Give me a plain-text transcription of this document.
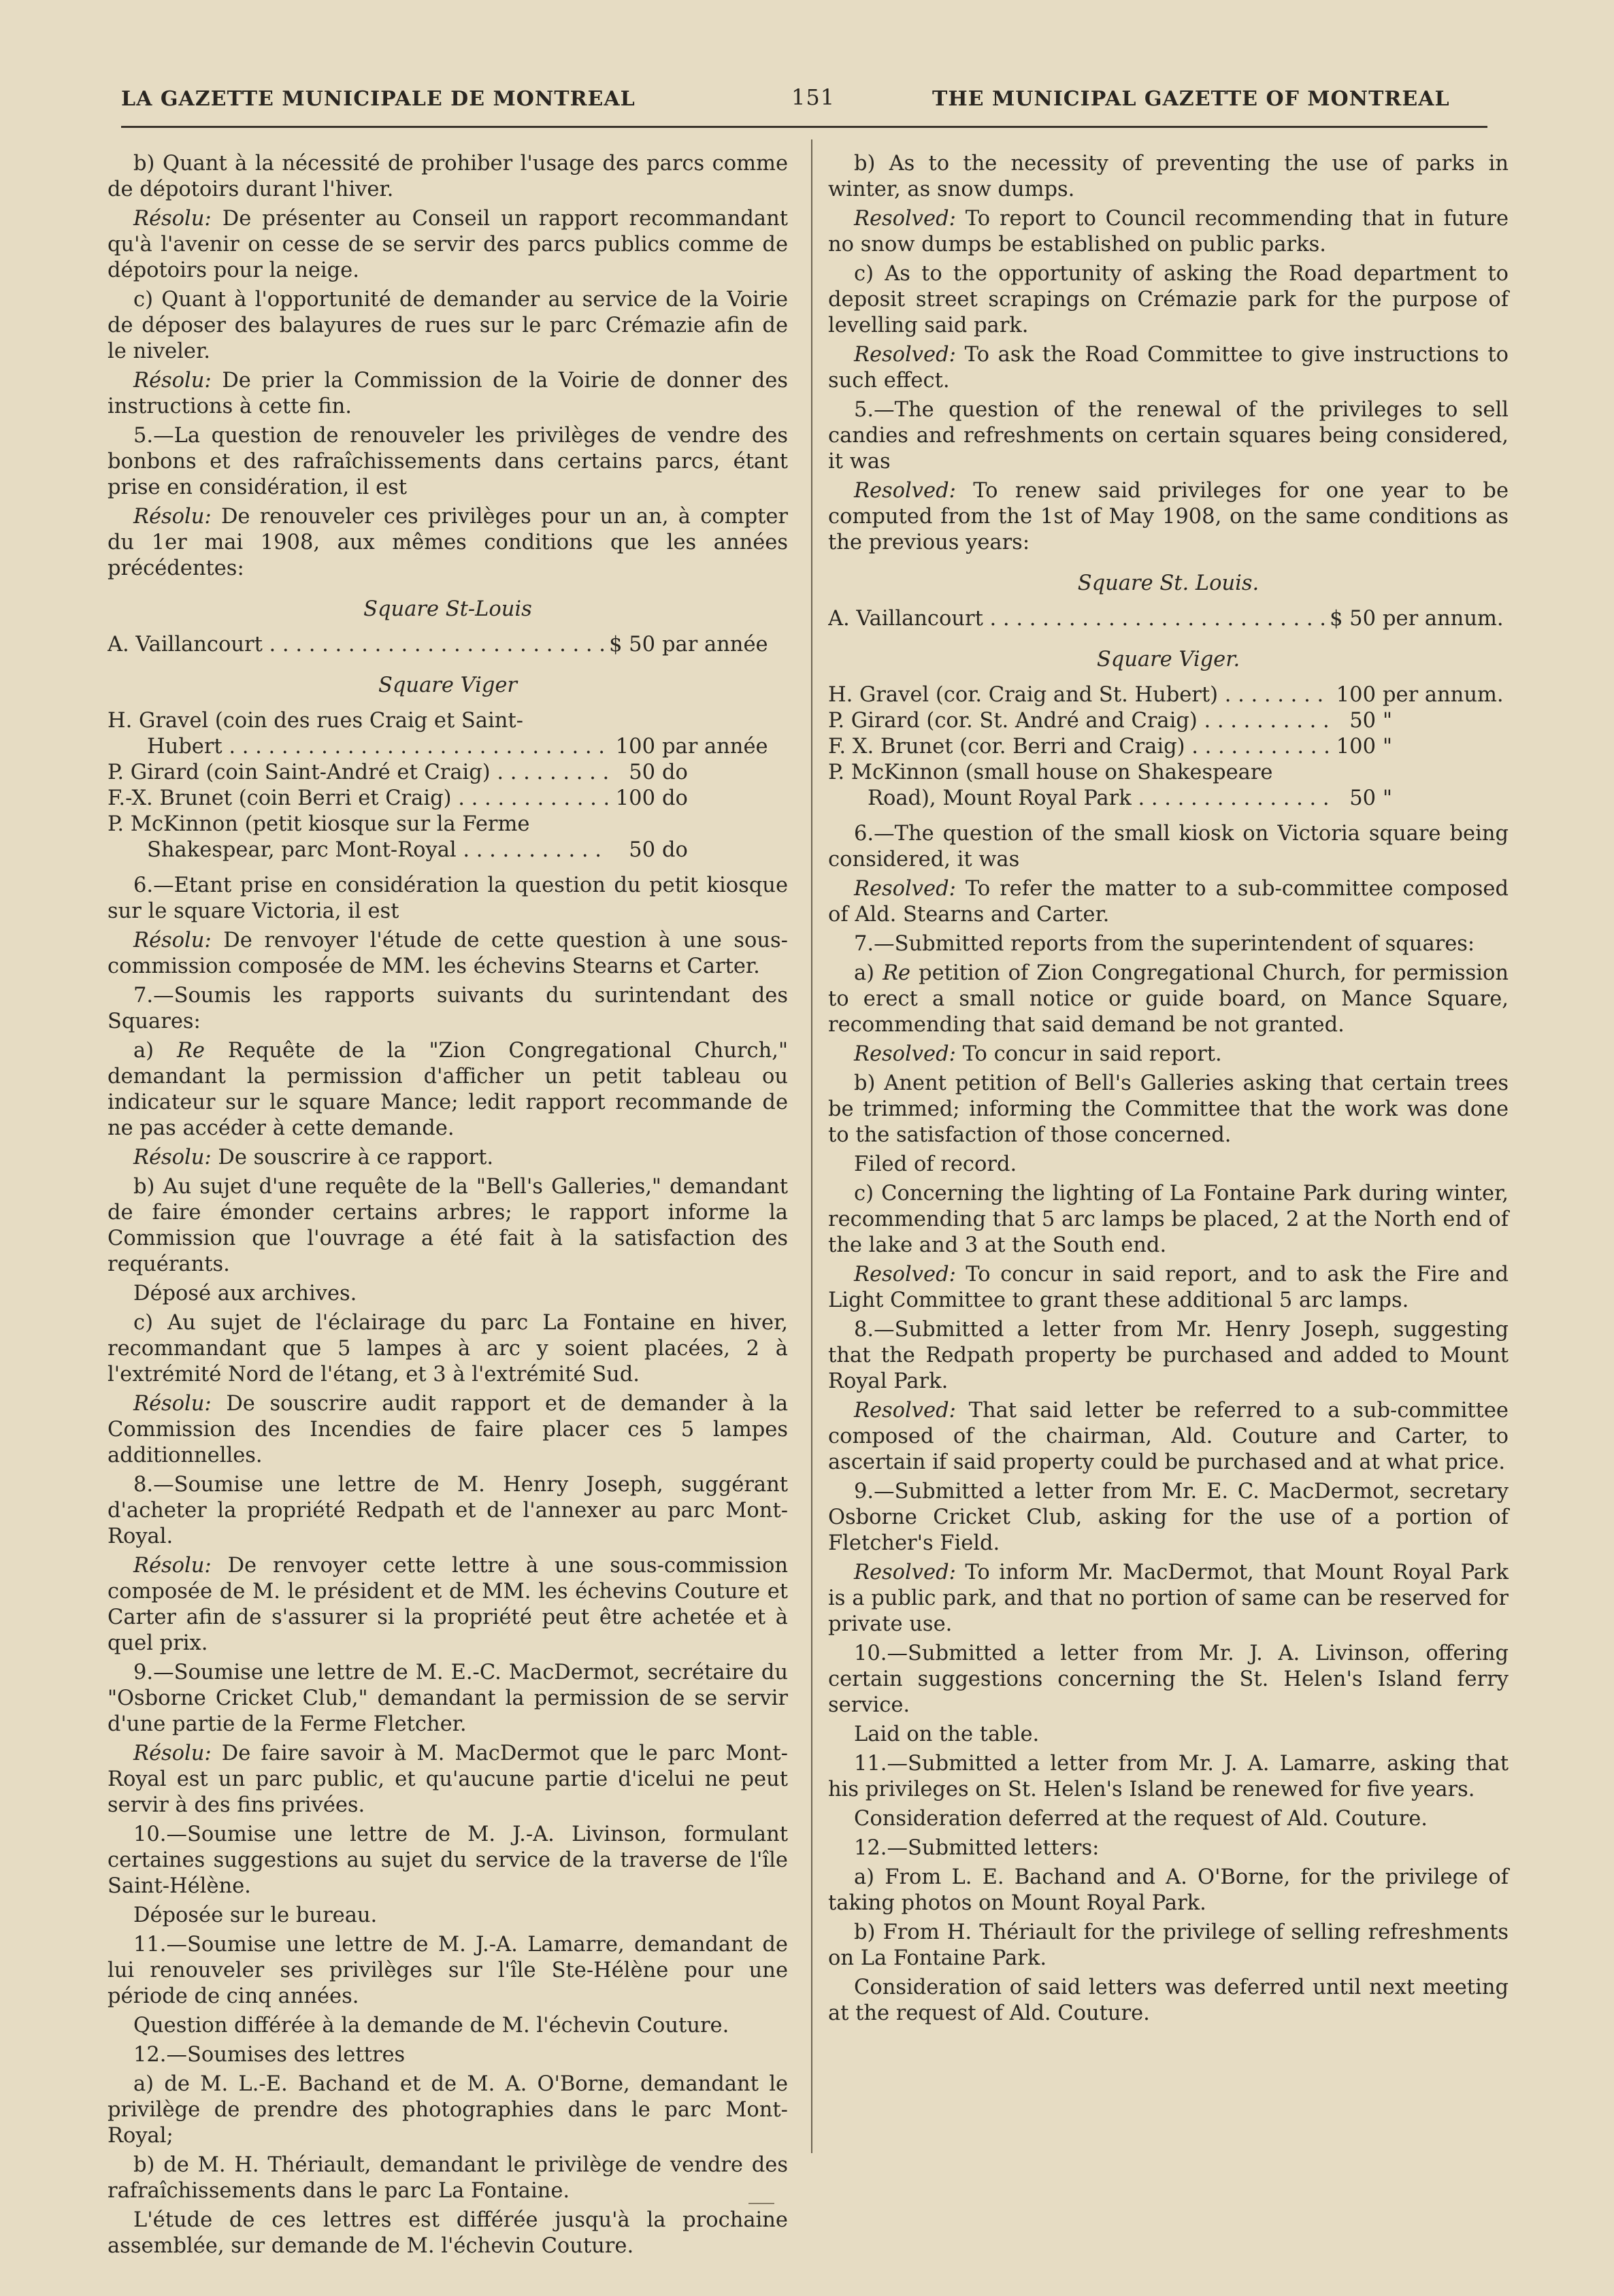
LA GAZETTE MUNICIPALE DE MONTREAL	151	THE MUNICIPAL GAZETTE OF MONTREAL

b) Quant à la nécessité de prohiber l'usage des parcs comme de dépotoirs durant l'hiver.

Résolu: De présenter au Conseil un rapport recommandant qu'à l'avenir on cesse de se servir des parcs publics comme de dépotoirs pour la neige.

c) Quant à l'opportunité de demander au service de la Voirie de déposer des balayures de rues sur le parc Crémazie afin de le niveler.

Résolu: De prier la Commission de la Voirie de donner des instructions à cette fin.

5.—La question de renouveler les privilèges de vendre des bonbons et des rafraîchissements dans certains parcs, étant prise en considération, il est

Résolu: De renouveler ces privilèges pour un an, à compter du 1er mai 1908, aux mêmes conditions que les années précédentes:

Square St-Louis
A. Vaillancourt . . .	$ 50 par année
Square Viger
H. Gravel (coin des rues Craig et Saint-
Hubert . . .	100 par année
P. Girard (coin Saint-André et Craig) . . .	50 do
F.-X. Brunet (coin Berri et Craig) . . .	100 do
P. McKinnon (petit kiosque sur la Ferme
Shakespear, parc Mont-Royal . . .	50 do

6.—Etant prise en considération la question du petit kiosque sur le square Victoria, il est

Résolu: De renvoyer l'étude de cette question à une sous-commission composée de MM. les échevins Stearns et Carter.

7.—Soumis les rapports suivants du surintendant des Squares:

a) Re Requête de la "Zion Congregational Church," demandant la permission d'afficher un petit tableau ou indicateur sur le square Mance; ledit rapport recommande de ne pas accéder à cette demande.

Résolu: De souscrire à ce rapport.

b) Au sujet d'une requête de la "Bell's Galleries," demandant de faire émonder certains arbres; le rapport informe la Commission que l'ouvrage a été fait à la satisfaction des requérants.

Déposé aux archives.

c) Au sujet de l'éclairage du parc La Fontaine en hiver, recommandant que 5 lampes à arc y soient placées, 2 à l'extrémité Nord de l'étang, et 3 à l'extrémité Sud.

Résolu: De souscrire audit rapport et de demander à la Commission des Incendies de faire placer ces 5 lampes additionnelles.

8.—Soumise une lettre de M. Henry Joseph, suggérant d'acheter la propriété Redpath et de l'annexer au parc Mont-Royal.

Résolu: De renvoyer cette lettre à une sous-commission composée de M. le président et de MM. les échevins Couture et Carter afin de s'assurer si la propriété peut être achetée et à quel prix.

9.—Soumise une lettre de M. E.-C. MacDermot, secrétaire du "Osborne Cricket Club," demandant la permission de se servir d'une partie de la Ferme Fletcher.

Résolu: De faire savoir à M. MacDermot que le parc Mont-Royal est un parc public, et qu'aucune partie d'icelui ne peut servir à des fins privées.

10.—Soumise une lettre de M. J.-A. Livinson, formulant certaines suggestions au sujet du service de la traverse de l'île Saint-Hélène.

Déposée sur le bureau.

11.—Soumise une lettre de M. J.-A. Lamarre, demandant de lui renouveler ses privilèges sur l'île Ste-Hélène pour une période de cinq années.

Question différée à la demande de M. l'échevin Couture.

12.—Soumises des lettres

a) de M. L.-E. Bachand et de M. A. O'Borne, demandant le privilège de prendre des photographies dans le parc Mont-Royal;

b) de M. H. Thériault, demandant le privilège de vendre des rafraîchissements dans le parc La Fontaine.

L'étude de ces lettres est différée jusqu'à la prochaine assemblée, sur demande de M. l'échevin Couture.

b) As to the necessity of preventing the use of parks in winter, as snow dumps.

Resolved: To report to Council recommending that in future no snow dumps be established on public parks.

c) As to the opportunity of asking the Road department to deposit street scrapings on Crémazie park for the purpose of levelling said park.

Resolved: To ask the Road Committee to give instructions to such effect.

5.—The question of the renewal of the privileges to sell candies and refreshments on certain squares being considered, it was

Resolved: To renew said privileges for one year to be computed from the 1st of May 1908, on the same conditions as the previous years:

Square St. Louis.
A. Vaillancourt . . .	$ 50 per annum.
Square Viger.
H. Gravel (cor. Craig and St. Hubert) . . .	100 per annum.
P. Girard (cor. St. André and Craig) . . .	50 "
F. X. Brunet (cor. Berri and Craig) . . .	100 "
P. McKinnon (small house on Shakespeare
Road), Mount Royal Park . . .	50 "

6.—The question of the small kiosk on Victoria square being considered, it was

Resolved: To refer the matter to a sub-committee composed of Ald. Stearns and Carter.

7.—Submitted reports from the superintendent of squares:

a) Re petition of Zion Congregational Church, for permission to erect a small notice or guide board, on Mance Square, recommending that said demand be not granted.

Resolved: To concur in said report.

b) Anent petition of Bell's Galleries asking that certain trees be trimmed; informing the Committee that the work was done to the satisfaction of those concerned.

Filed of record.

c) Concerning the lighting of La Fontaine Park during winter, recommending that 5 arc lamps be placed, 2 at the North end of the lake and 3 at the South end.

Resolved: To concur in said report, and to ask the Fire and Light Committee to grant these additional 5 arc lamps.

8.—Submitted a letter from Mr. Henry Joseph, suggesting that the Redpath property be purchased and added to Mount Royal Park.

Resolved: That said letter be referred to a sub-committee composed of the chairman, Ald. Couture and Carter, to ascertain if said property could be purchased and at what price.

9.—Submitted a letter from Mr. E. C. MacDermot, secretary Osborne Cricket Club, asking for the use of a portion of Fletcher's Field.

Resolved: To inform Mr. MacDermot, that Mount Royal Park is a public park, and that no portion of same can be reserved for private use.

10.—Submitted a letter from Mr. J. A. Livinson, offering certain suggestions concerning the St. Helen's Island ferry service.

Laid on the table.

11.—Submitted a letter from Mr. J. A. Lamarre, asking that his privileges on St. Helen's Island be renewed for five years.

Consideration deferred at the request of Ald. Couture.

12.—Submitted letters:

a) From L. E. Bachand and A. O'Borne, for the privilege of taking photos on Mount Royal Park.

b) From H. Thériault for the privilege of selling refreshments on La Fontaine Park.

Consideration of said letters was deferred until next meeting at the request of Ald. Couture.
